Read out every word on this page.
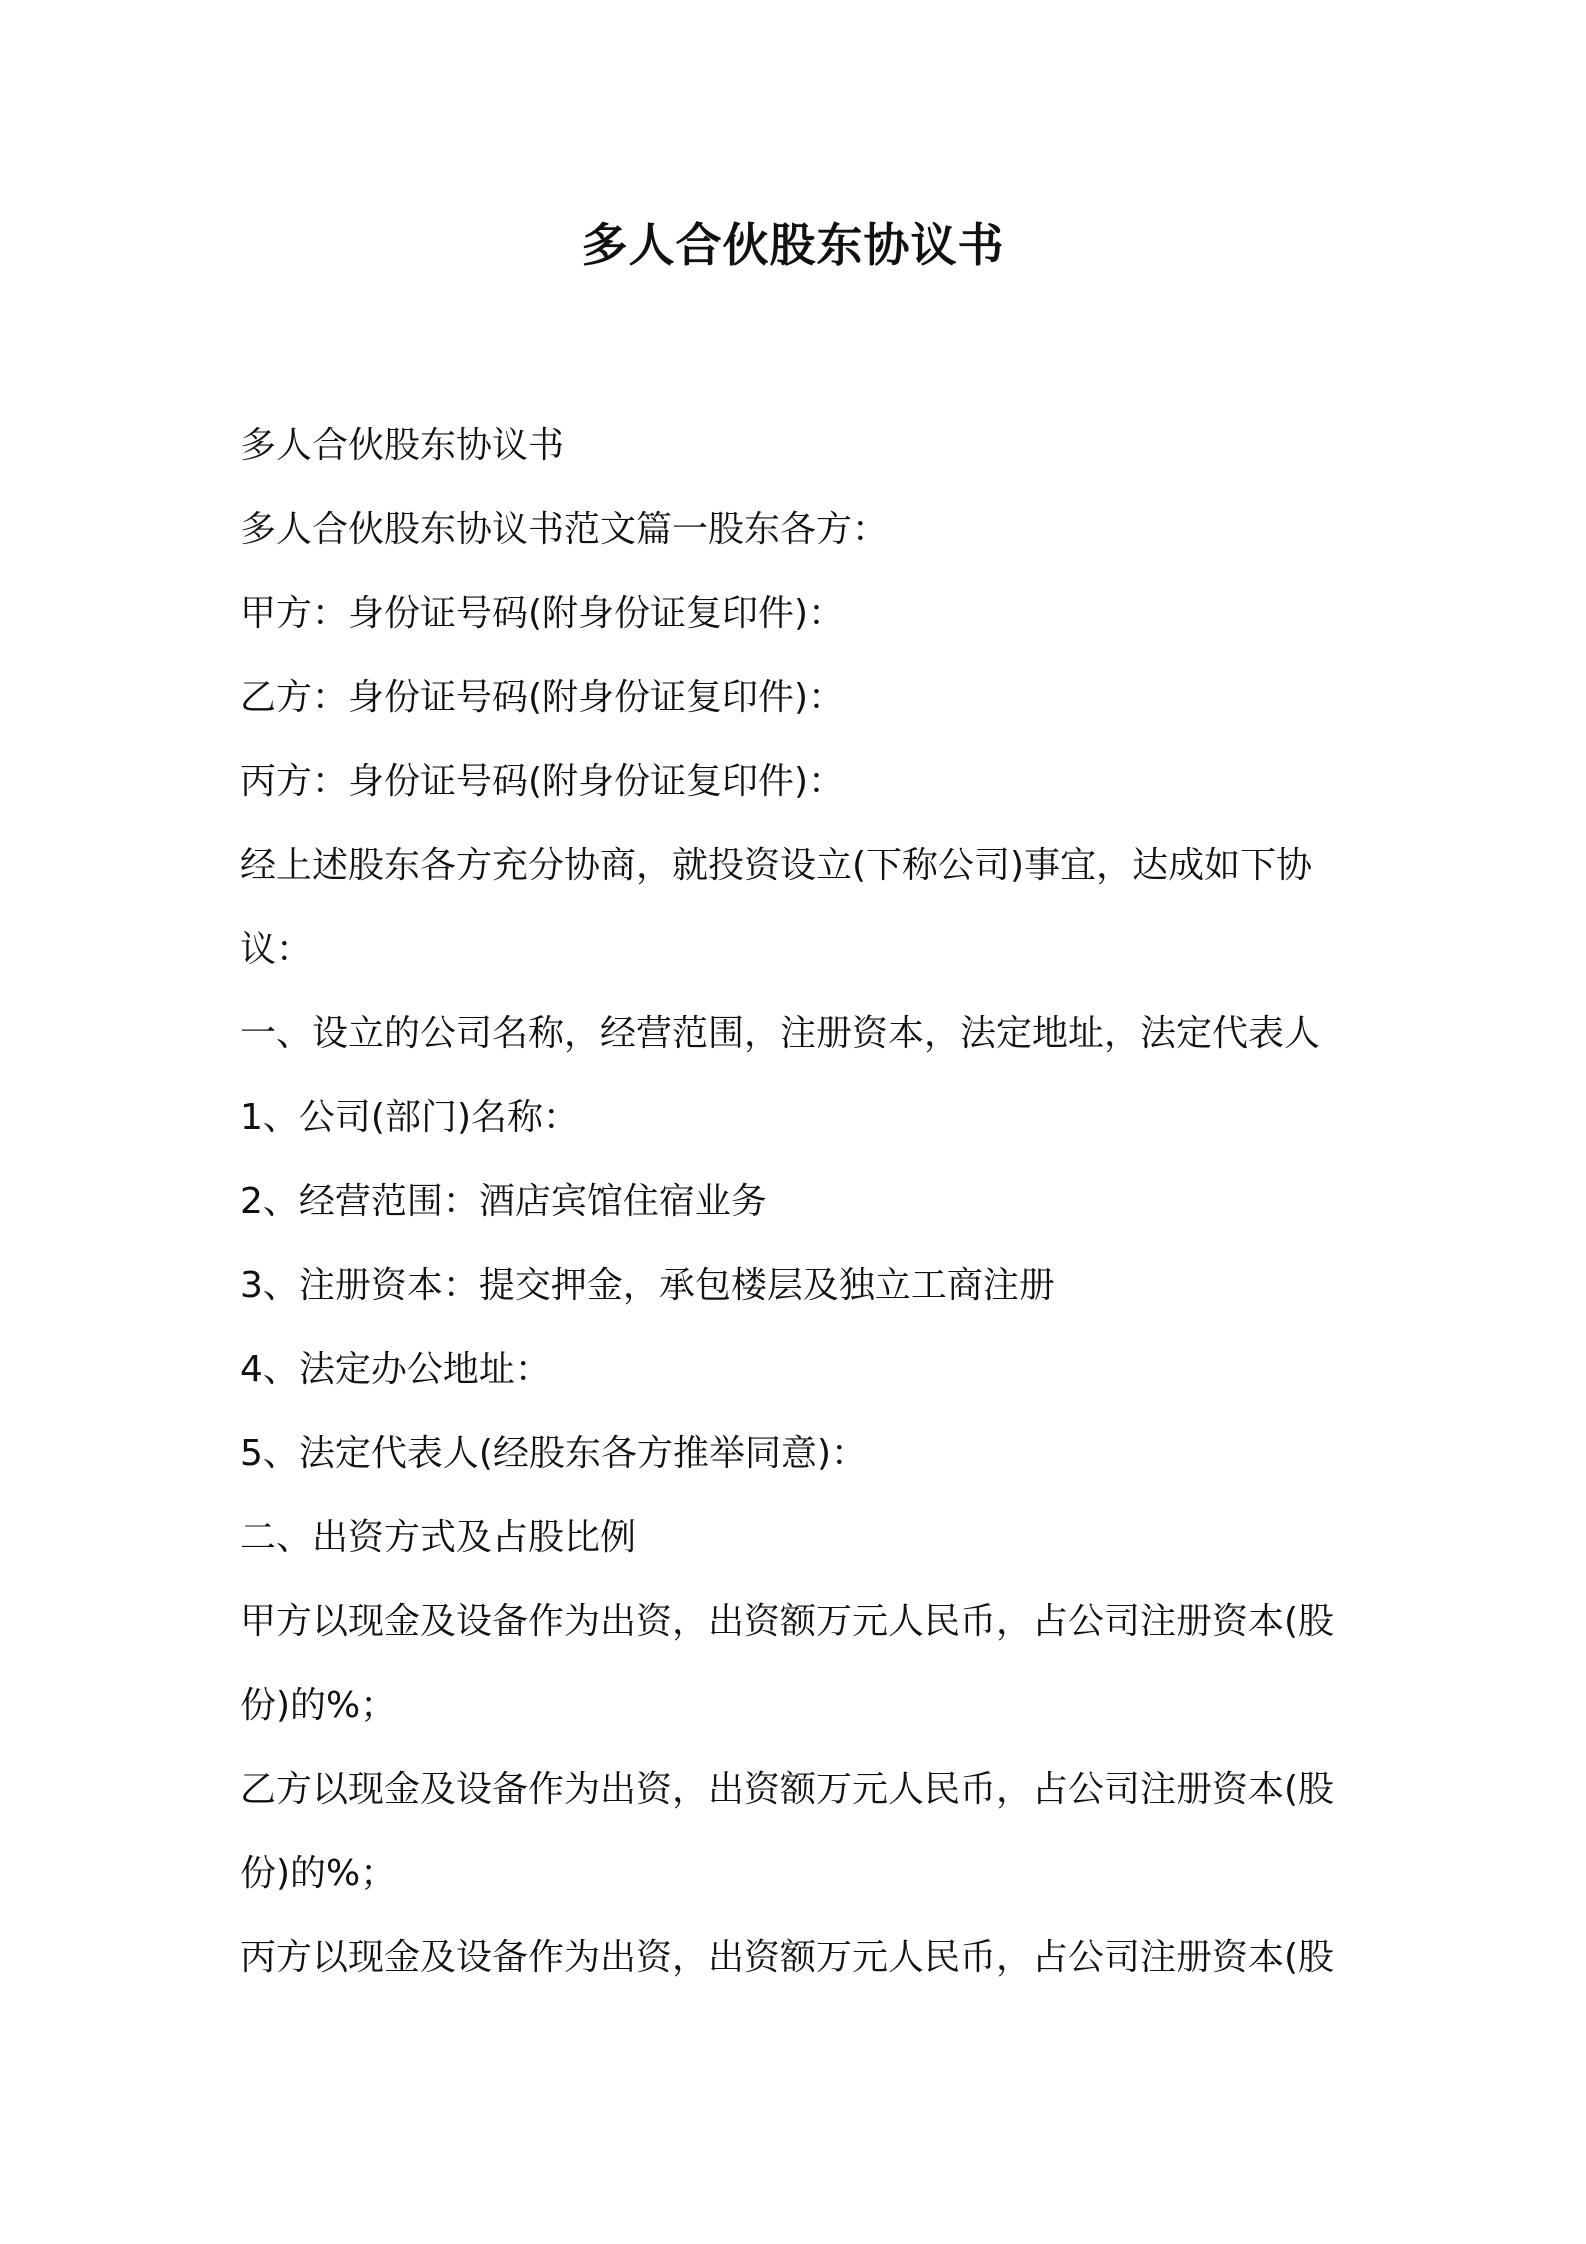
多人合伙股东协议书
多人合伙股东协议书
多人合伙股东协议书范文篇一股东各方：
甲方：身份证号码(附身份证复印件)：
乙方：身份证号码(附身份证复印件)：
丙方：身份证号码(附身份证复印件)：
经上述股东各方充分协商，就投资设立(下称公司)事宜，达成如下协
议：
一、设立的公司名称，经营范围，注册资本，法定地址，法定代表人
1、公司(部门)名称：
2、经营范围：酒店宾馆住宿业务
3、注册资本：提交押金，承包楼层及独立工商注册
4、法定办公地址：
5、法定代表人(经股东各方推举同意)：
二、出资方式及占股比例
甲方以现金及设备作为出资，出资额万元人民币，占公司注册资本(股
份)的%；
乙方以现金及设备作为出资，出资额万元人民币，占公司注册资本(股
份)的%；
丙方以现金及设备作为出资，出资额万元人民币，占公司注册资本(股
